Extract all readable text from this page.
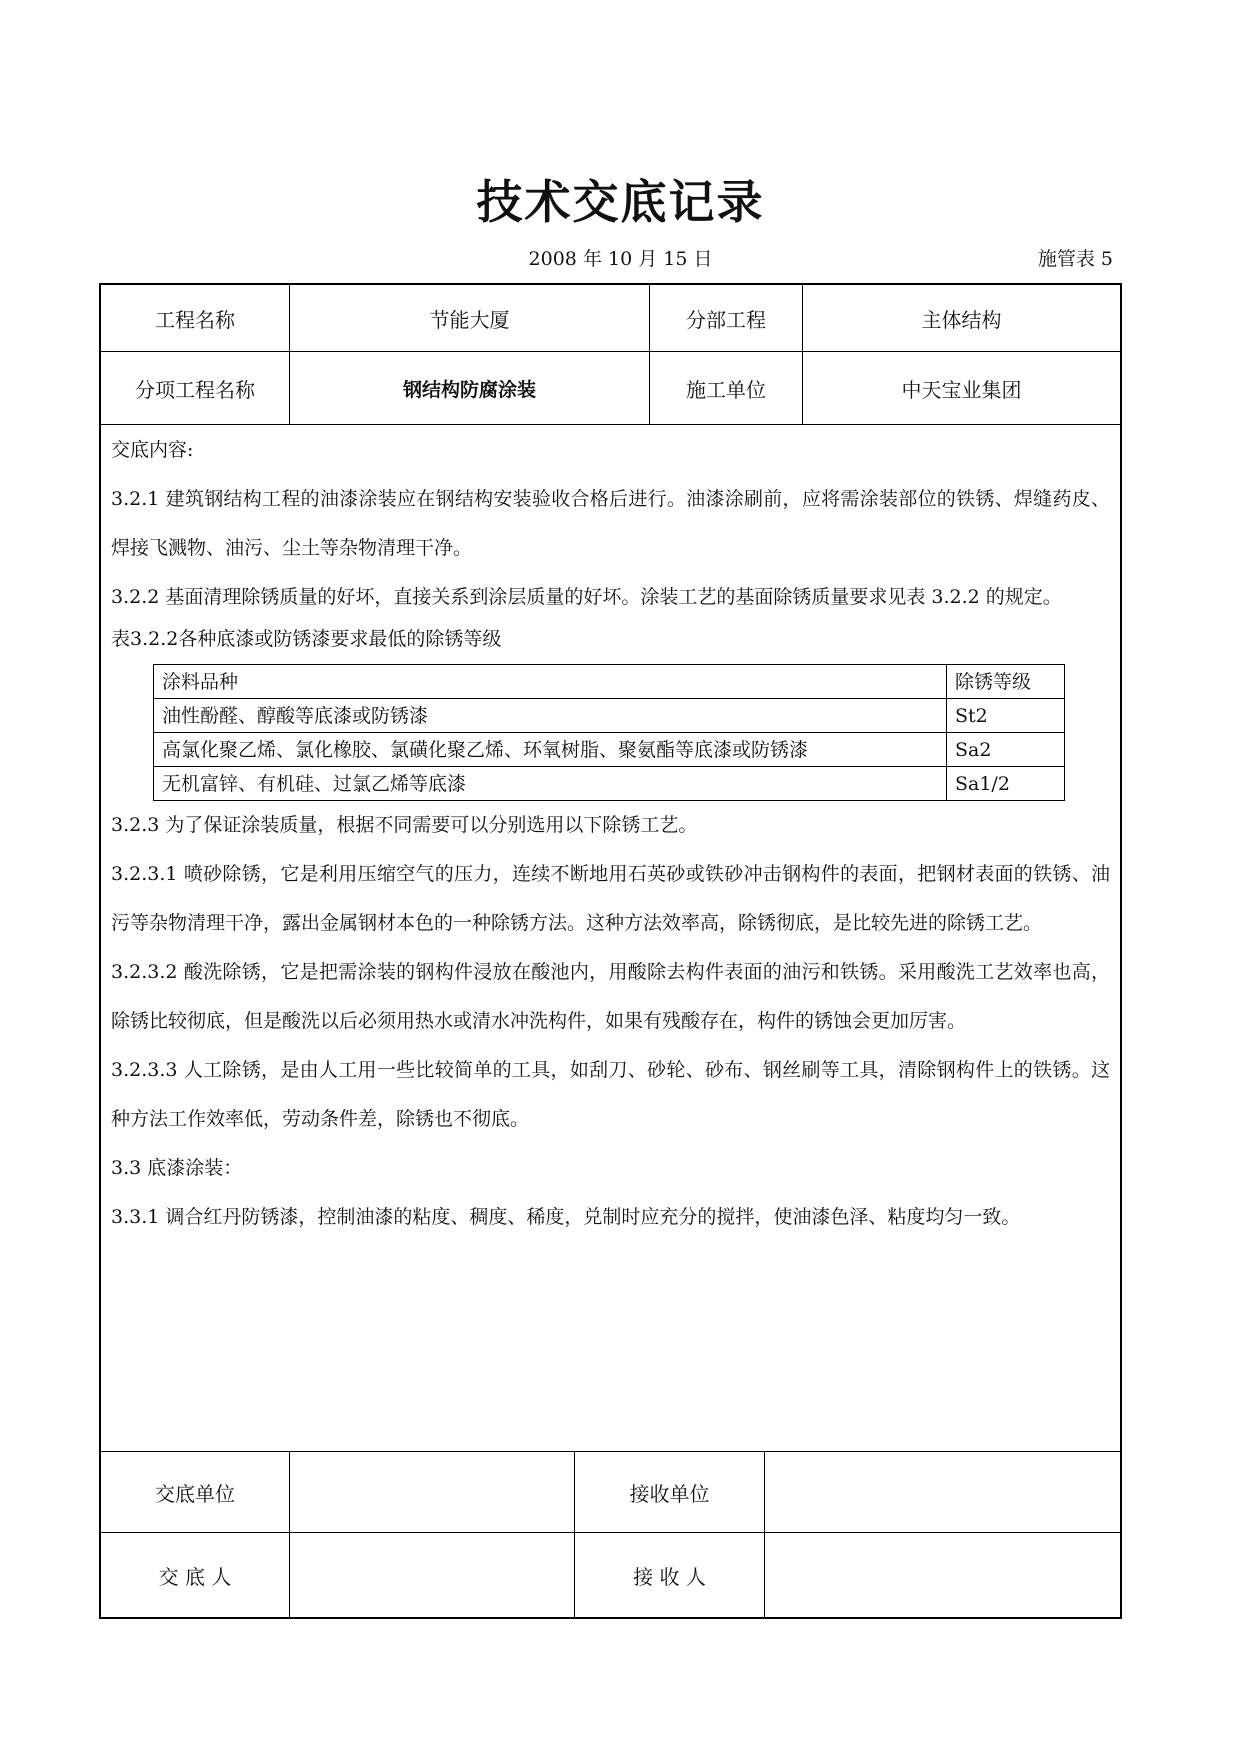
技术交底记录
2008 年 10 月 15 日	施管表 5
工程名称	节能大厦	分部工程	主体结构
分项工程名称	钢结构防腐涂装	施工单位	中天宝业集团

交底内容:

3.2.1 建筑钢结构工程的油漆涂装应在钢结构安装验收合格后进行。油漆涂刷前，应将需涂装部位的铁锈、焊缝药皮、焊接飞溅物、油污、尘土等杂物清理干净。

3.2.2 基面清理除锈质量的好坏，直接关系到涂层质量的好坏。涂装工艺的基面除锈质量要求见表 3.2.2 的规定。

表3.2.2各种底漆或防锈漆要求最低的除锈等级

涂料品种	除锈等级
油性酚醛、醇酸等底漆或防锈漆	St2
高氯化聚乙烯、氯化橡胶、氯磺化聚乙烯、环氧树脂、聚氨酯等底漆或防锈漆	Sa2
无机富锌、有机硅、过氯乙烯等底漆	Sa1/2

3.2.3 为了保证涂装质量，根据不同需要可以分别选用以下除锈工艺。

3.2.3.1 喷砂除锈，它是利用压缩空气的压力，连续不断地用石英砂或铁砂冲击钢构件的表面，把钢材表面的铁锈、油污等杂物清理干净，露出金属钢材本色的一种除锈方法。这种方法效率高，除锈彻底，是比较先进的除锈工艺。

3.2.3.2 酸洗除锈，它是把需涂装的钢构件浸放在酸池内，用酸除去构件表面的油污和铁锈。采用酸洗工艺效率也高，除锈比较彻底，但是酸洗以后必须用热水或清水冲洗构件，如果有残酸存在，构件的锈蚀会更加厉害。

3.2.3.3 人工除锈，是由人工用一些比较简单的工具，如刮刀、砂轮、砂布、钢丝刷等工具，清除钢构件上的铁锈。这种方法工作效率低，劳动条件差，除锈也不彻底。

3.3 底漆涂装：

3.3.1 调合红丹防锈漆，控制油漆的粘度、稠度、稀度，兑制时应充分的搅拌，使油漆色泽、粘度均匀一致。

交底单位	接收单位
交 底 人	接 收 人
